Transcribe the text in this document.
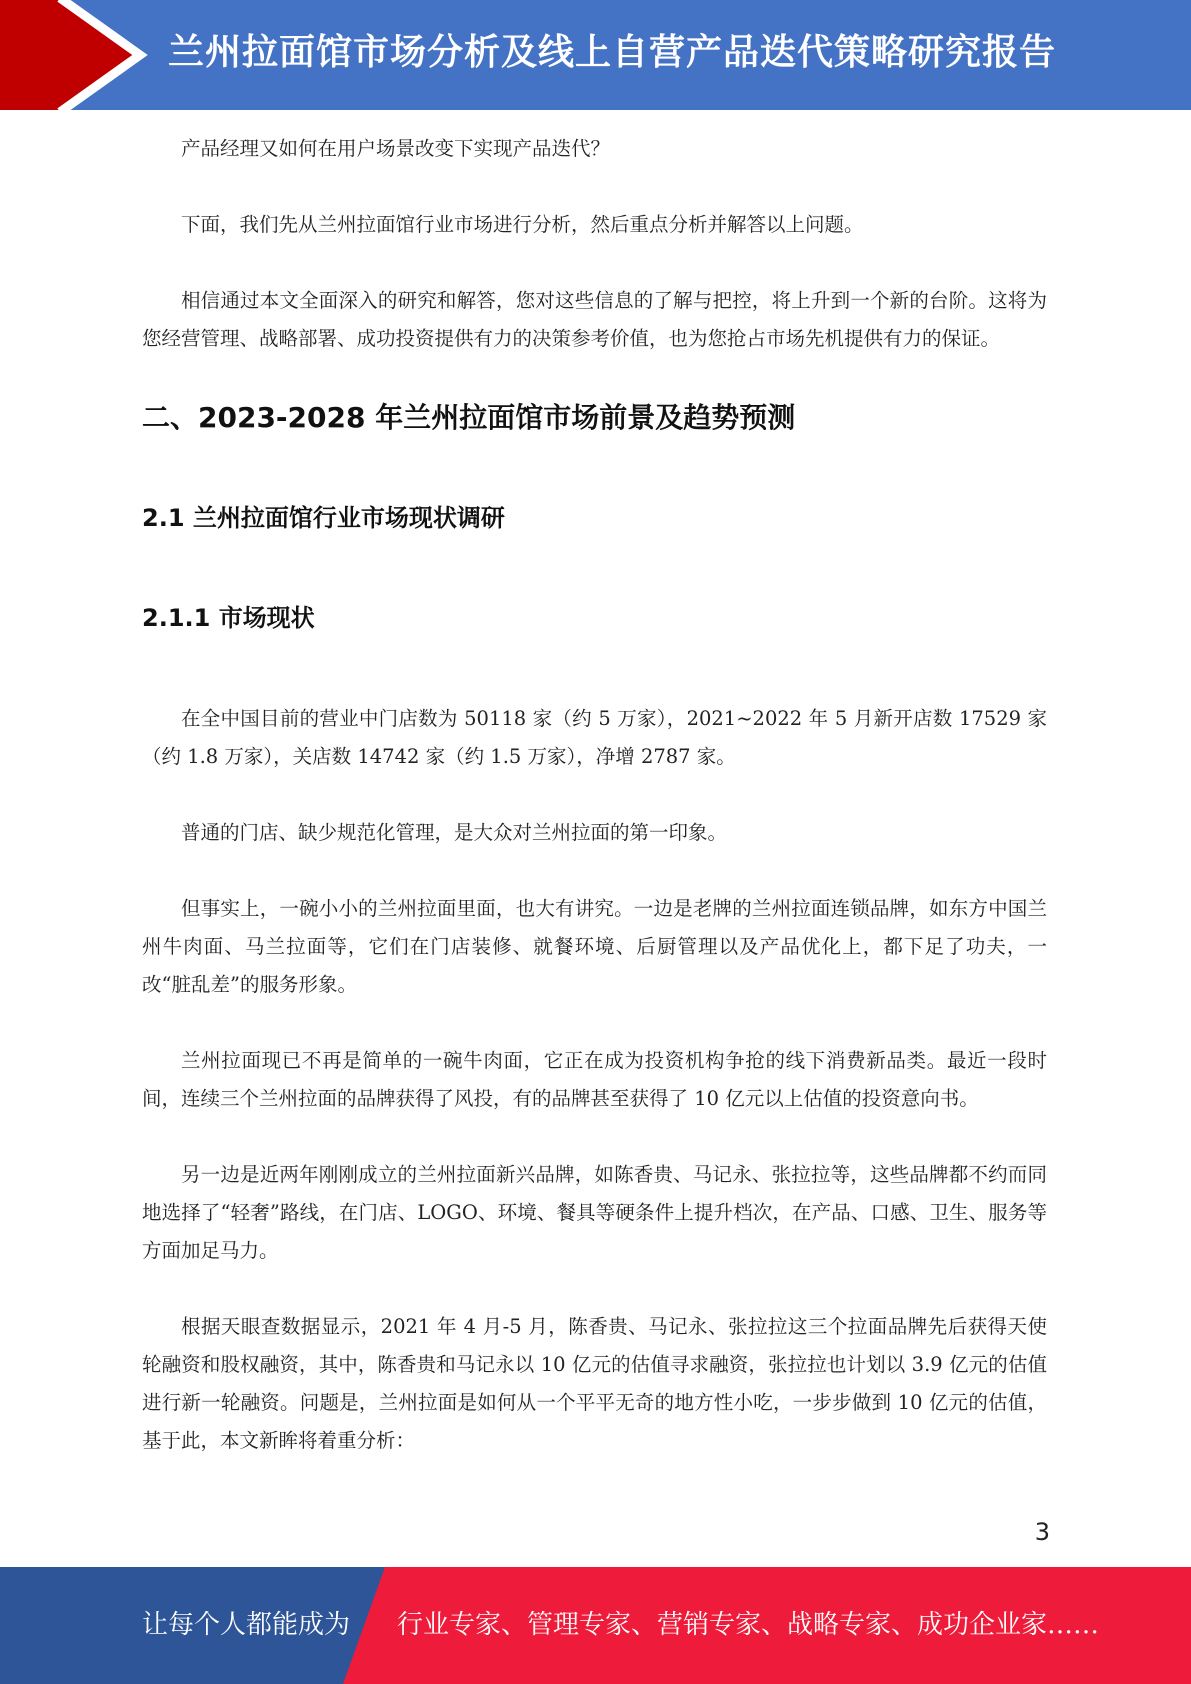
兰州拉面馆市场分析及线上自营产品迭代策略研究报告

产品经理又如何在用户场景改变下实现产品迭代？

下面，我们先从兰州拉面馆行业市场进行分析，然后重点分析并解答以上问题。

相信通过本文全面深入的研究和解答，您对这些信息的了解与把控，将上升到一个新的台阶。这将为您经营管理、战略部署、成功投资提供有力的决策参考价值，也为您抢占市场先机提供有力的保证。

二、2023-2028 年兰州拉面馆市场前景及趋势预测
2.1 兰州拉面馆行业市场现状调研
2.1.1 市场现状

在全中国目前的营业中门店数为 50118 家（约 5 万家），2021~2022 年 5 月新开店数 17529 家（约 1.8 万家），关店数 14742 家（约 1.5 万家），净增 2787 家。

普通的门店、缺少规范化管理，是大众对兰州拉面的第一印象。

但事实上，一碗小小的兰州拉面里面，也大有讲究。一边是老牌的兰州拉面连锁品牌，如东方中国兰州牛肉面、马兰拉面等，它们在门店装修、就餐环境、后厨管理以及产品优化上，都下足了功夫，一改“脏乱差”的服务形象。

兰州拉面现已不再是简单的一碗牛肉面，它正在成为投资机构争抢的线下消费新品类。最近一段时间，连续三个兰州拉面的品牌获得了风投，有的品牌甚至获得了 10 亿元以上估值的投资意向书。

另一边是近两年刚刚成立的兰州拉面新兴品牌，如陈香贵、马记永、张拉拉等，这些品牌都不约而同地选择了“轻奢”路线，在门店、LOGO、环境、餐具等硬条件上提升档次，在产品、口感、卫生、服务等方面加足马力。

根据天眼查数据显示，2021 年 4 月-5 月，陈香贵、马记永、张拉拉这三个拉面品牌先后获得天使轮融资和股权融资，其中，陈香贵和马记永以 10 亿元的估值寻求融资，张拉拉也计划以 3.9 亿元的估值进行新一轮融资。问题是，兰州拉面是如何从一个平平无奇的地方性小吃，一步步做到 10 亿元的估值，基于此，本文新眸将着重分析：

3
让每个人都能成为 行业专家、管理专家、营销专家、战略专家、成功企业家……
